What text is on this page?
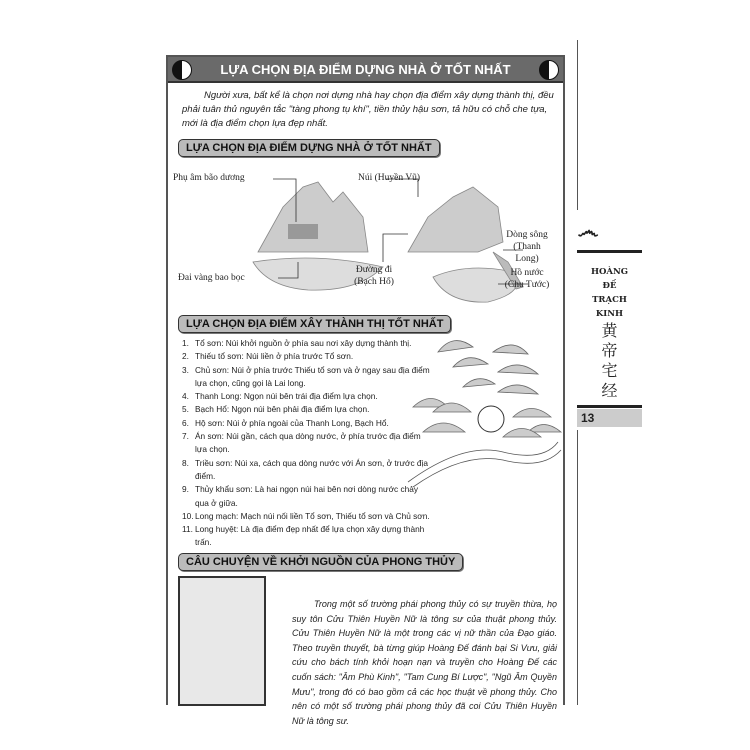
LỰA CHỌN ĐỊA ĐIỂM DỰNG NHÀ Ở TỐT NHẤT

Người xưa, bất kể là chọn nơi dựng nhà hay chọn địa điểm xây dựng thành thị, đều phải tuân thủ nguyên tắc "tàng phong tụ khí", tiền thủy hậu sơn, tả hữu có chỗ che tựa, mới là địa điểm chọn lựa đẹp nhất.

LỰA CHỌN ĐỊA ĐIỂM DỰNG NHÀ Ở TỐT NHẤT
Phụ âm bão dương
Đai vàng bao bọc
Núi (Huyền Vũ)
Dòng sông (Thanh Long)
Đường đi (Bạch Hổ)
Hồ nước (Chu Tước)
LỰA CHỌN ĐỊA ĐIỂM XÂY THÀNH THỊ TỐT NHẤT
1. Tổ sơn: Núi khởi nguồn ở phía sau nơi xây dựng thành thị.
2. Thiếu tổ sơn: Núi liền ở phía trước Tổ sơn.
3. Chủ sơn: Núi ở phía trước Thiếu tổ sơn và ở ngay sau địa điểm lựa chọn, cũng gọi là Lai long.
4. Thanh Long: Ngọn núi bên trái địa điểm lựa chọn.
5. Bạch Hổ: Ngọn núi bên phải địa điểm lựa chọn.
6. Hộ sơn: Núi ở phía ngoài của Thanh Long, Bạch Hổ.
7. Án sơn: Núi gần, cách qua dòng nước, ở phía trước địa điểm lựa chọn.
8. Triều sơn: Núi xa, cách qua dòng nước với Án sơn, ở trước địa điểm.
9. Thủy khẩu sơn: Là hai ngọn núi hai bên nơi dòng nước chảy qua ở giữa.
10. Long mạch: Mạch núi nối liền Tổ sơn, Thiếu tổ sơn và Chủ sơn.
11. Long huyệt: Là địa điểm đẹp nhất để lựa chọn xây dựng thành trấn.
CÂU CHUYỆN VỀ KHỞI NGUỒN CỦA PHONG THỦY

Trong một số trường phái phong thủy có sự truyền thừa, họ suy tôn Cửu Thiên Huyền Nữ là tông sư của thuật phong thủy. Cửu Thiên Huyền Nữ là một trong các vị nữ thần của Đạo giáo. Theo truyền thuyết, bà từng giúp Hoàng Đế đánh bại Si Vưu, giải cứu cho bách tính khỏi hoạn nạn và truyền cho Hoàng Đế các cuốn sách: "Âm Phù Kinh", "Tam Cung Bí Lược", "Ngũ Âm Quyền Mưu", trong đó có bao gồm cả các học thuật về phong thủy. Cho nên có một số trường phái phong thủy đã coi Cửu Thiên Huyền Nữ là tông sư.

෴
HOÀNG
ĐẾ
TRẠCH
KINH
黄
帝
宅
经
13
